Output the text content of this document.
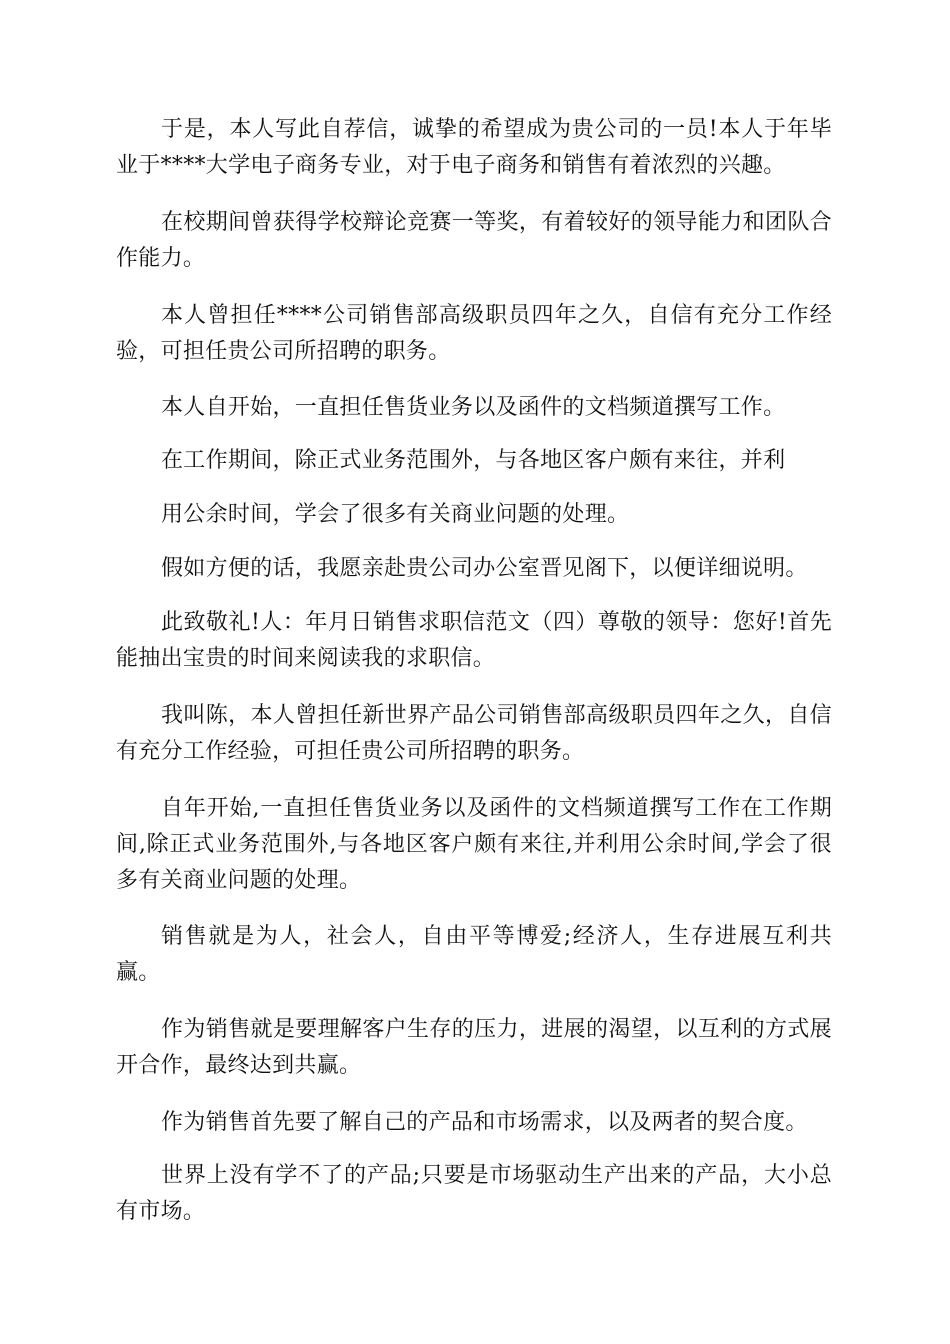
于是，本人写此自荐信，诚挚的希望成为贵公司的一员!本人于年毕业于****大学电子商务专业，对于电子商务和销售有着浓烈的兴趣。

在校期间曾获得学校辩论竞赛一等奖，有着较好的领导能力和团队合作能力。

本人曾担任****公司销售部高级职员四年之久，自信有充分工作经验，可担任贵公司所招聘的职务。

本人自开始，一直担任售货业务以及函件的文档频道撰写工作。

在工作期间，除正式业务范围外，与各地区客户颇有来往，并利

用公余时间，学会了很多有关商业问题的处理。

假如方便的话，我愿亲赴贵公司办公室晋见阁下，以便详细说明。

此致敬礼!人：年月日销售求职信范文（四）尊敬的领导：您好!首先能抽出宝贵的时间来阅读我的求职信。

我叫陈，本人曾担任新世界产品公司销售部高级职员四年之久，自信有充分工作经验，可担任贵公司所招聘的职务。

自年开始,一直担任售货业务以及函件的文档频道撰写工作在工作期间,除正式业务范围外,与各地区客户颇有来往,并利用公余时间,学会了很多有关商业问题的处理。

销售就是为人，社会人，自由平等博爱;经济人，生存进展互利共赢。

作为销售就是要理解客户生存的压力，进展的渴望，以互利的方式展开合作，最终达到共赢。

作为销售首先要了解自己的产品和市场需求，以及两者的契合度。

世界上没有学不了的产品;只要是市场驱动生产出来的产品，大小总有市场。
